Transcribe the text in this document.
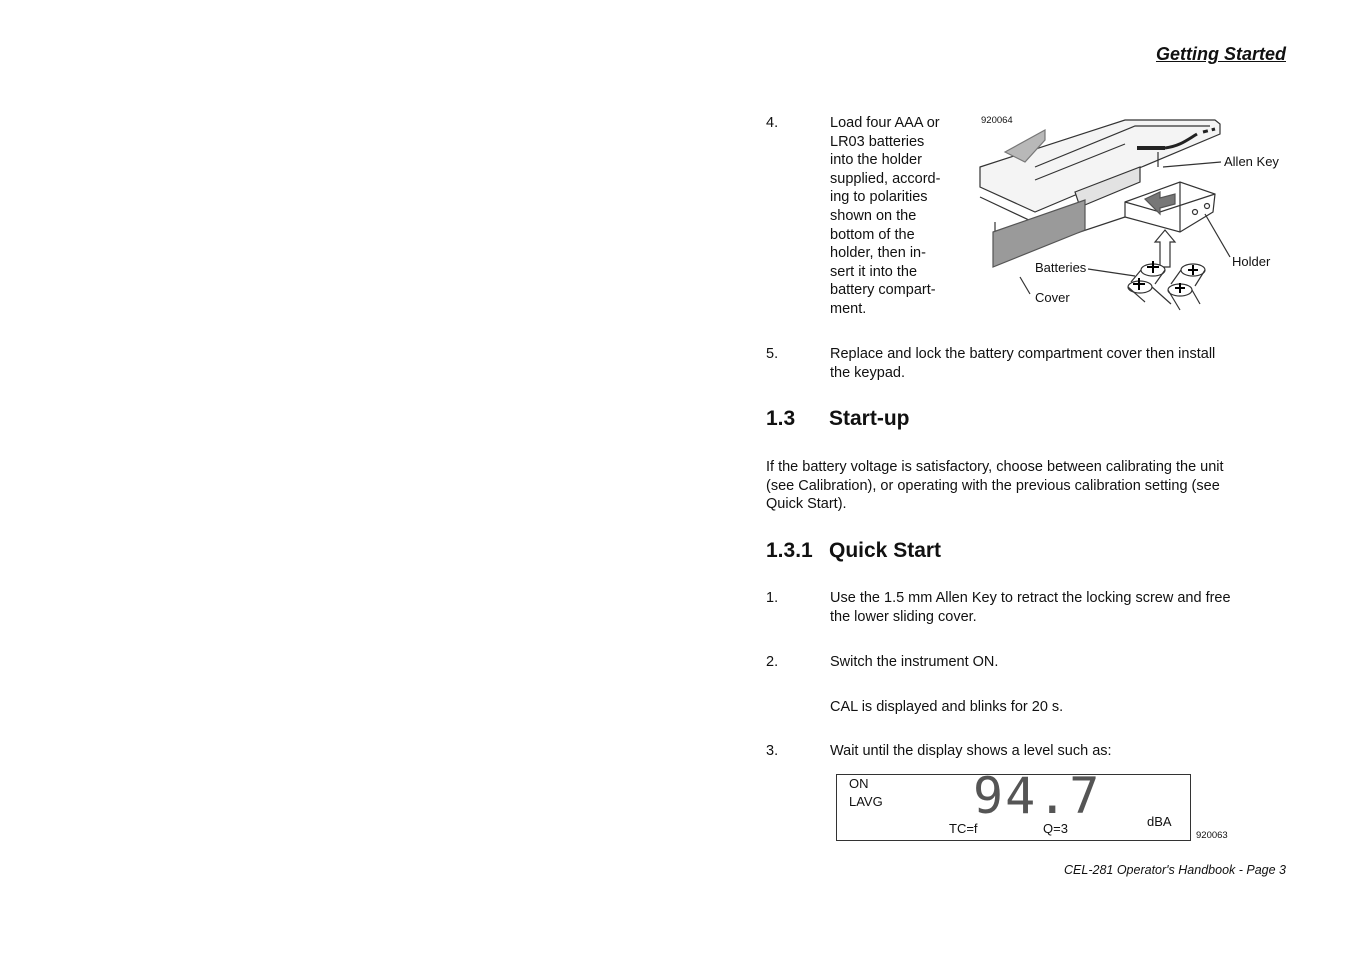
Getting Started
4.	Load four AAA or
LR03 batteries
into the holder
supplied, accord-
ing to polarities
shown on the
bottom of the
holder, then in-
sert it into the
battery compart-
ment.
920064
Allen Key
Holder
Batteries
Cover
5.	Replace and lock the battery compartment cover then install
the keypad.
1.3 Start-up
If the battery voltage is satisfactory, choose between calibrating the unit
(see Calibration), or operating with the previous calibration setting (see
Quick Start).
1.3.1 Quick Start
1.	Use the 1.5 mm Allen Key to retract the locking screw and free
the lower sliding cover.
2.	Switch the instrument ON.
CAL is displayed and blinks for 20 s.
3.	Wait until the display shows a level such as:
ON
LAVG 94.7	dBA
TC=f	Q=3	920063
CEL-281 Operator's Handbook - Page 3
